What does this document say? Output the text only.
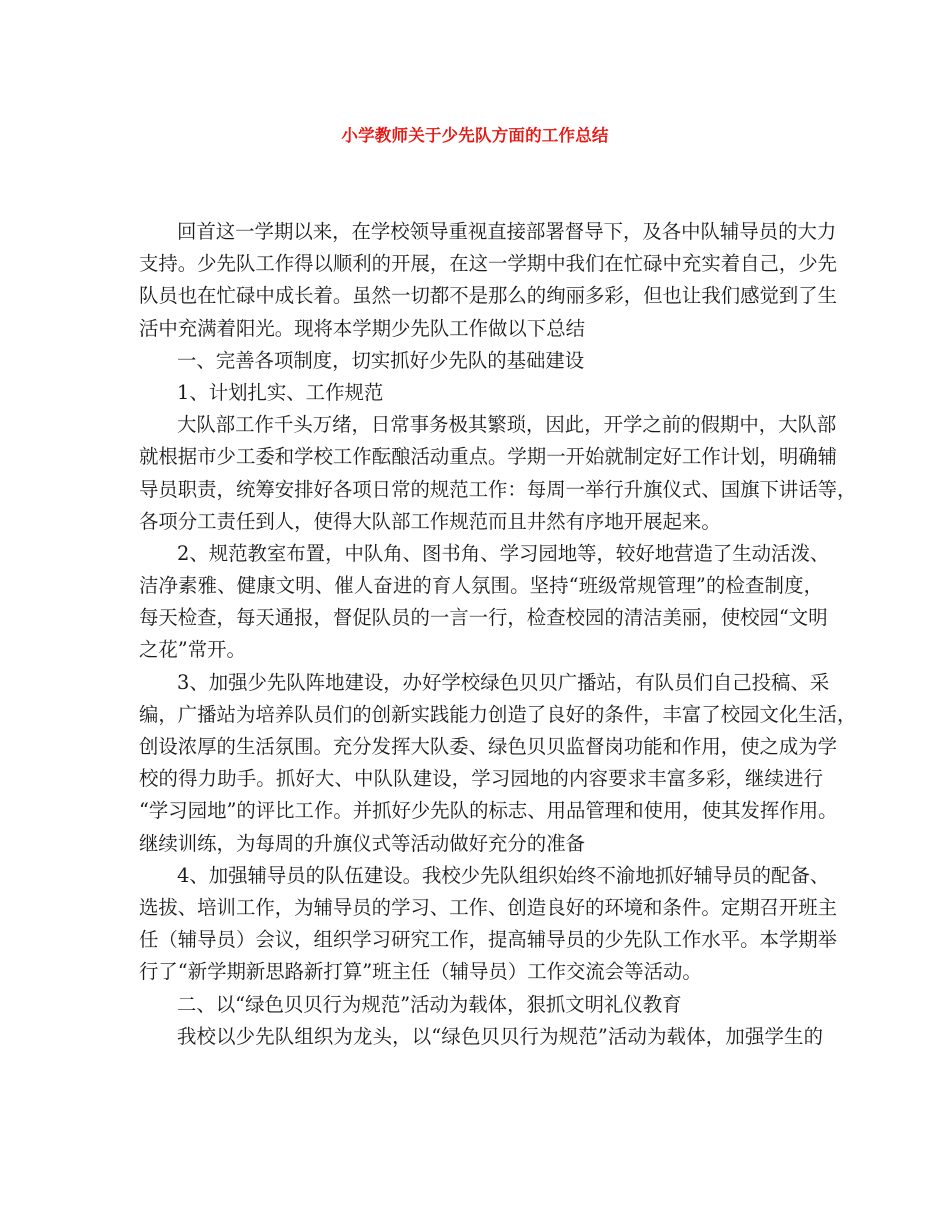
小学教师关于少先队方面的工作总结
回首这一学期以来，在学校领导重视直接部署督导下，及各中队辅导员的大力
支持。少先队工作得以顺利的开展，在这一学期中我们在忙碌中充实着自己，少先
队员也在忙碌中成长着。虽然一切都不是那么的绚丽多彩，但也让我们感觉到了生
活中充满着阳光。现将本学期少先队工作做以下总结
一、完善各项制度，切实抓好少先队的基础建设
1、计划扎实、工作规范
大队部工作千头万绪，日常事务极其繁琐，因此，开学之前的假期中，大队部
就根据市少工委和学校工作酝酿活动重点。学期一开始就制定好工作计划，明确辅
导员职责，统筹安排好各项日常的规范工作：每周一举行升旗仪式、国旗下讲话等，
各项分工责任到人，使得大队部工作规范而且井然有序地开展起来。
2、规范教室布置，中队角、图书角、学习园地等，较好地营造了生动活泼、
洁净素雅、健康文明、催人奋进的育人氛围。坚持“班级常规管理”的检查制度，
每天检查，每天通报，督促队员的一言一行，检查校园的清洁美丽，使校园“文明
之花”常开。
3、加强少先队阵地建设，办好学校绿色贝贝广播站，有队员们自己投稿、采
编，广播站为培养队员们的创新实践能力创造了良好的条件，丰富了校园文化生活，
创设浓厚的生活氛围。充分发挥大队委、绿色贝贝监督岗功能和作用，使之成为学
校的得力助手。抓好大、中队队建设，学习园地的内容要求丰富多彩，继续进行
“学习园地”的评比工作。并抓好少先队的标志、用品管理和使用，使其发挥作用。
继续训练，为每周的升旗仪式等活动做好充分的准备
4、加强辅导员的队伍建设。我校少先队组织始终不渝地抓好辅导员的配备、
选拔、培训工作，为辅导员的学习、工作、创造良好的环境和条件。定期召开班主
任（辅导员）会议，组织学习研究工作，提高辅导员的少先队工作水平。本学期举
行了“新学期新思路新打算”班主任（辅导员）工作交流会等活动。
二、以“绿色贝贝行为规范”活动为载体，狠抓文明礼仪教育
我校以少先队组织为龙头，以“绿色贝贝行为规范”活动为载体，加强学生的
